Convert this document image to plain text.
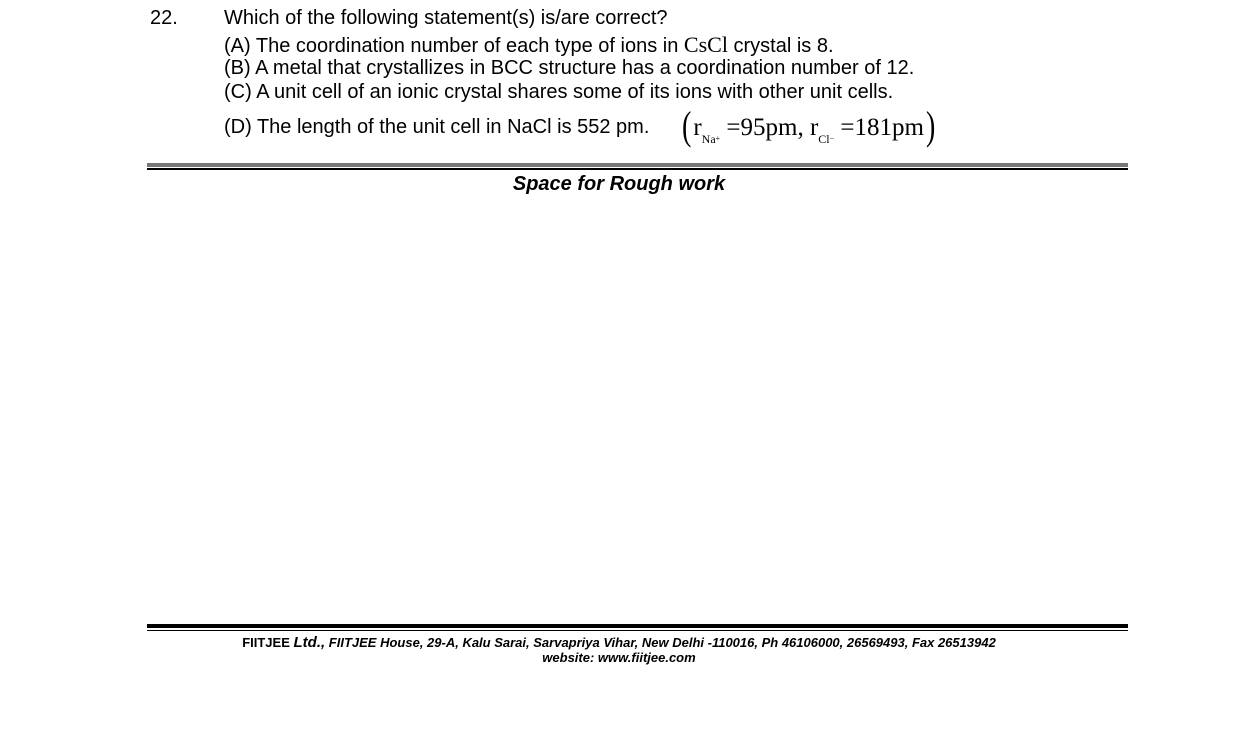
22. Which of the following statement(s) is/are correct?
(A) The coordination number of each type of ions in CsCl crystal is 8.
(B) A metal that crystallizes in BCC structure has a coordination number of 12.
(C) A unit cell of an ionic crystal shares some of its ions with other unit cells.
(D) The length of the unit cell in NaCl is 552 pm. ($r_{Na+} =95pm$, $r_{Cl-} =181pm$)
Space for Rough work
FIITJEE Ltd., FIITJEE House, 29-A, Kalu Sarai, Sarvapriya Vihar, New Delhi -110016, Ph 46106000, 26569493, Fax 26513942
website: www.fiitjee.com
